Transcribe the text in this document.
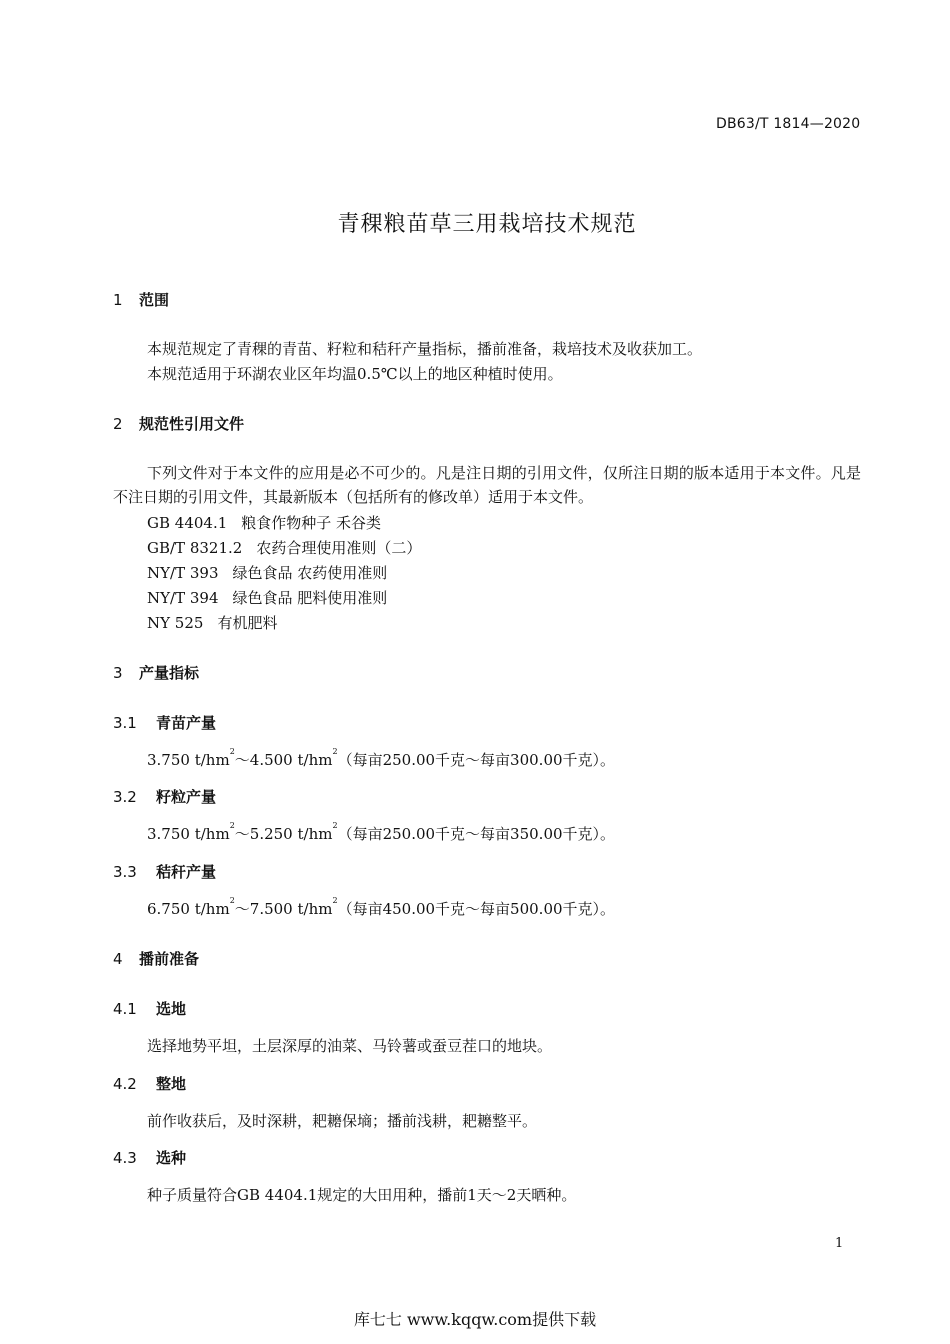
DB63/T 1814—2020
青稞粮苗草三用栽培技术规范
1 范围
本规范规定了青稞的青苗、籽粒和秸秆产量指标，播前准备，栽培技术及收获加工。
本规范适用于环湖农业区年均温0.5℃以上的地区种植时使用。
2 规范性引用文件
下列文件对于本文件的应用是必不可少的。凡是注日期的引用文件，仅所注日期的版本适用于本文件。凡是不注日期的引用文件，其最新版本（包括所有的修改单）适用于本文件。
GB 4404.1 粮食作物种子 禾谷类
GB/T 8321.2 农药合理使用准则（二）
NY/T 393 绿色食品 农药使用准则
NY/T 394 绿色食品 肥料使用准则
NY 525 有机肥料
3 产量指标
3.1 青苗产量
3.750 $t/hm^2\sim 4.500$ $t/hm^2$（每亩250.00千克～每亩300.00千克）。
3.2 籽粒产量
3.750 $t/hm^2\sim 5.250$ $t/hm^2$（每亩250.00千克～每亩350.00千克）。
3.3 秸秆产量
6.750 $t/hm^2\sim 7.500$ $t/hm^2$（每亩450.00千克～每亩500.00千克）。
4 播前准备
4.1 选地
选择地势平坦，土层深厚的油菜、马铃薯或蚕豆茬口的地块。
4.2 整地
前作收获后，及时深耕，耙耱保墒；播前浅耕，耙耱整平。
4.3 选种
种子质量符合GB 4404.1规定的大田用种，播前1天～2天晒种。
1
库七七 www.kqqw.com提供下载
